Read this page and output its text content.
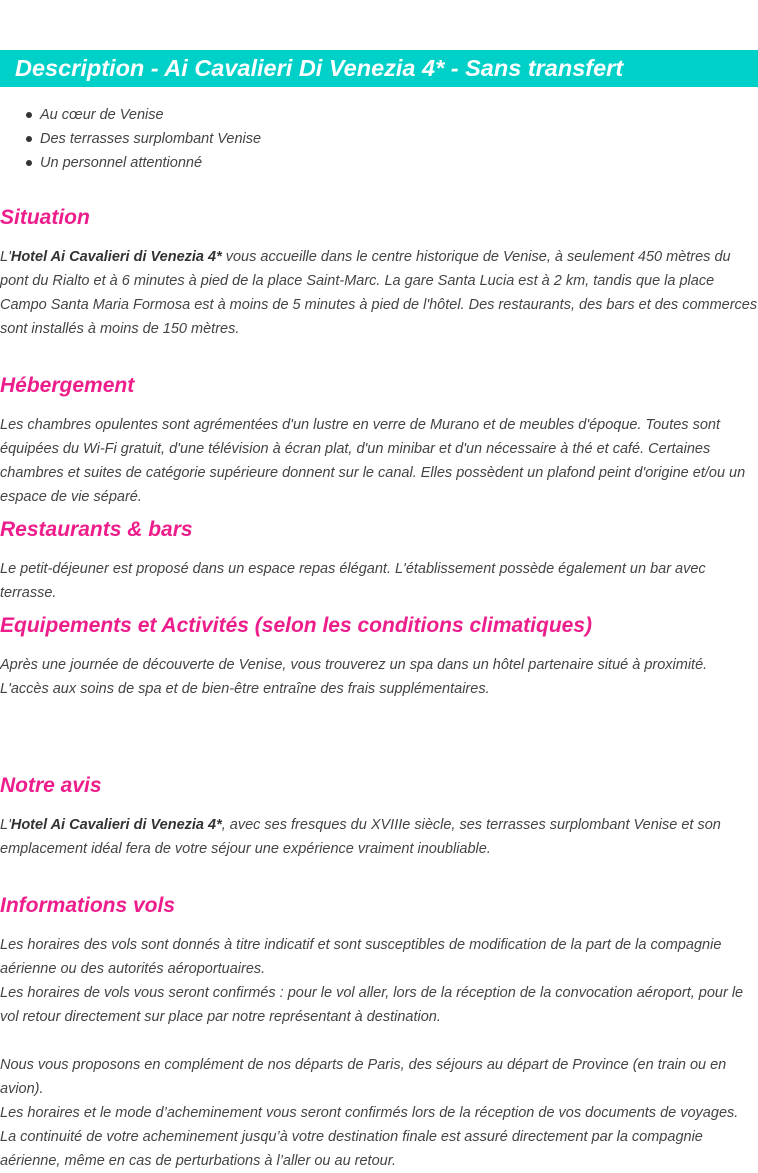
Description - Ai Cavalieri Di Venezia 4* - Sans transfert
Au cœur de Venise
Des terrasses surplombant Venise
Un personnel attentionné
Situation

L'Hotel Ai Cavalieri di Venezia 4* vous accueille dans le centre historique de Venise, à seulement 450 mètres du pont du Rialto et à 6 minutes à pied de la place Saint-Marc. La gare Santa Lucia est à 2 km, tandis que la place Campo Santa Maria Formosa est à moins de 5 minutes à pied de l'hôtel. Des restaurants, des bars et des commerces sont installés à moins de 150 mètres.

Hébergement

Les chambres opulentes sont agrémentées d'un lustre en verre de Murano et de meubles d'époque. Toutes sont équipées du Wi-Fi gratuit, d'une télévision à écran plat, d'un minibar et d'un nécessaire à thé et café. Certaines chambres et suites de catégorie supérieure donnent sur le canal. Elles possèdent un plafond peint d'origine et/ou un espace de vie séparé.

Restaurants & bars

Le petit-déjeuner est proposé dans un espace repas élégant. L'établissement possède également un bar avec terrasse.

Equipements et Activités (selon les conditions climatiques)

Après une journée de découverte de Venise, vous trouverez un spa dans un hôtel partenaire situé à proximité. L'accès aux soins de spa et de bien-être entraîne des frais supplémentaires.

Notre avis

L'Hotel Ai Cavalieri di Venezia 4*, avec ses fresques du XVIIIe siècle, ses terrasses surplombant Venise et son emplacement idéal fera de votre séjour une expérience vraiment inoubliable.

Informations vols

Les horaires des vols sont donnés à titre indicatif et sont susceptibles de modification de la part de la compagnie aérienne ou des autorités aéroportuaires.
Les horaires de vols vous seront confirmés : pour le vol aller, lors de la réception de la convocation aéroport, pour le vol retour directement sur place par notre représentant à destination.
Nous vous proposons en complément de nos départs de Paris, des séjours au départ de Province (en train ou en avion).
Les horaires et le mode d’acheminement vous seront confirmés lors de la réception de vos documents de voyages.
La continuité de votre acheminement jusqu’à votre destination finale est assuré directement par la compagnie aérienne, même en cas de perturbations à l’aller ou au retour.
